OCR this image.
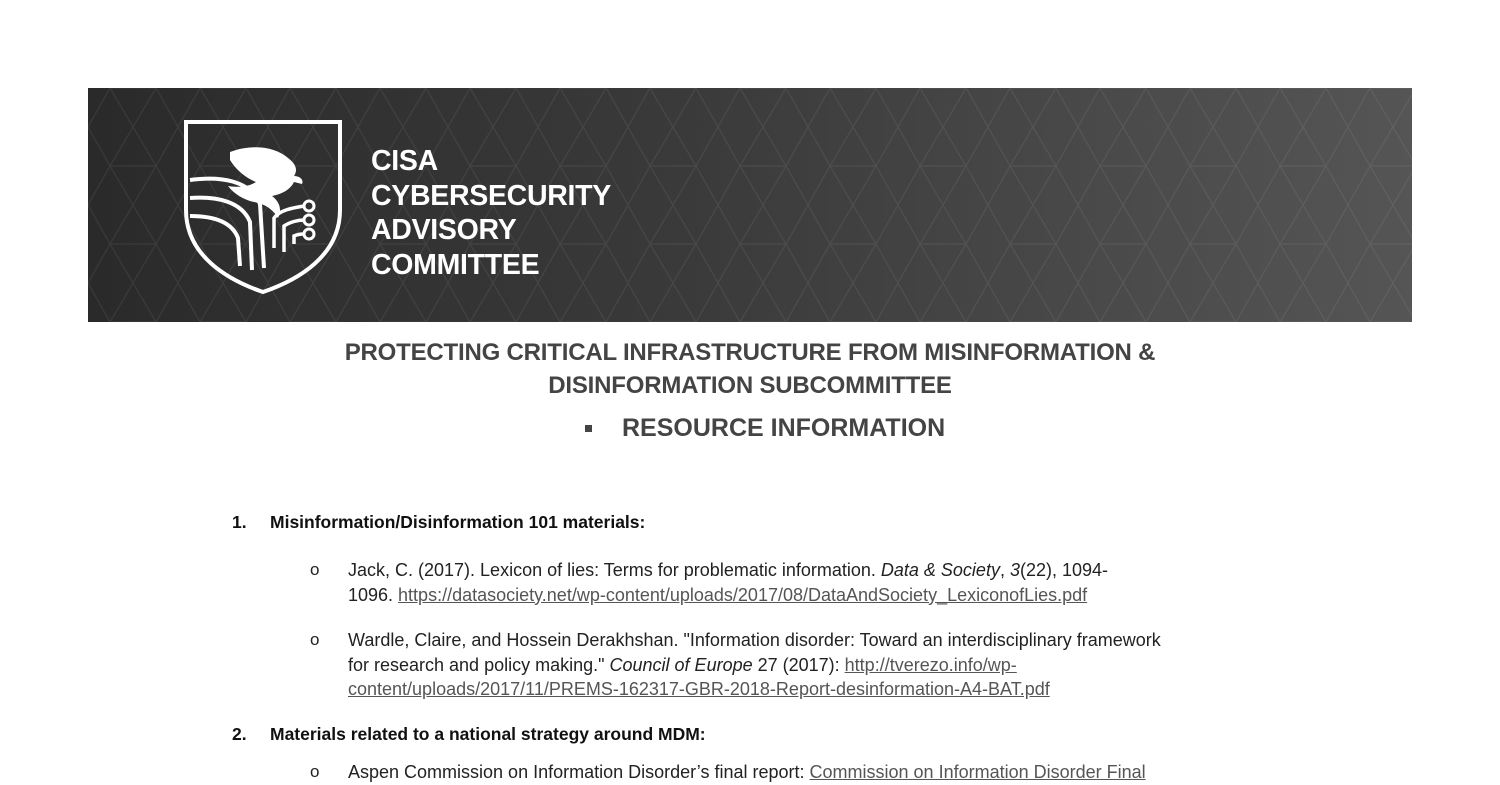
CISA
CYBERSECURITY
ADVISORY
COMMITTEE
PROTECTING CRITICAL INFRASTRUCTURE FROM MISINFORMATION &
DISINFORMATION SUBCOMMITTEE
RESOURCE INFORMATION
1. Misinformation/Disinformation 101 materials:
o Jack, C. (2017). Lexicon of lies: Terms for problematic information. Data & Society, 3(22), 1094-
1096. https://datasociety.net/wp-content/uploads/2017/08/DataAndSociety_LexiconofLies.pdf
o Wardle, Claire, and Hossein Derakhshan. "Information disorder: Toward an interdisciplinary framework
for research and policy making." Council of Europe 27 (2017): http://tverezo.info/wp-
content/uploads/2017/11/PREMS-162317-GBR-2018-Report-desinformation-A4-BAT.pdf
2. Materials related to a national strategy around MDM:
o Aspen Commission on Information Disorder’s final report: Commission on Information Disorder Final
